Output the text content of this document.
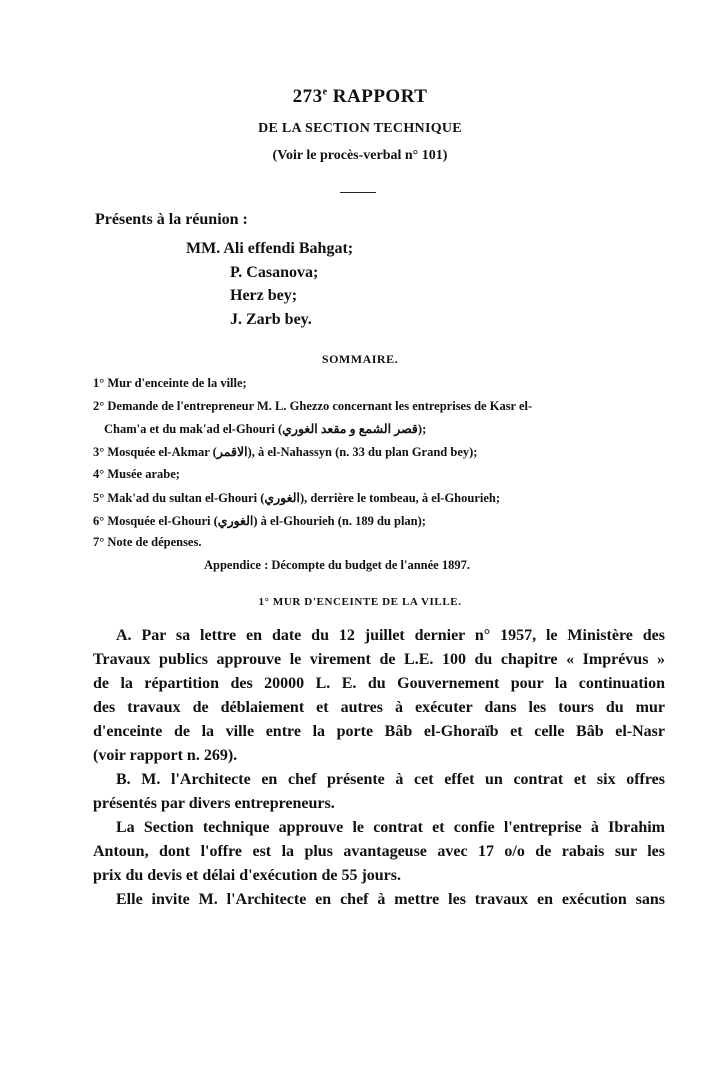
273e RAPPORT
DE LA SECTION TECHNIQUE
(Voir le procès-verbal n° 101)
Présents à la réunion :
MM. Ali effendi Bahgat;
P. Casanova;
Herz bey;
J. Zarb bey.
SOMMAIRE.
1° Mur d'enceinte de la ville;
2° Demande de l'entrepreneur M. L. Ghezzo concernant les entreprises de Kasr el-
Cham'a et du mak'ad el-Ghouri (قصر الشمع و مقعد الغوري);
3° Mosquée el-Akmar (الاقمر), à el-Nahassyn (n. 33 du plan Grand bey);
4° Musée arabe;
5° Mak'ad du sultan el-Ghouri (الغوري), derrière le tombeau, à el-Ghourieh;
6° Mosquée el-Ghouri (الغوري) à el-Ghourieh (n. 189 du plan);
7° Note de dépenses.
Appendice : Décompte du budget de l'année 1897.
1° MUR D'ENCEINTE DE LA VILLE.
A. Par sa lettre en date du 12 juillet dernier n° 1957, le Ministère des
Travaux publics approuve le virement de L.E. 100 du chapitre « Imprévus »
de la répartition des 20000 L. E. du Gouvernement pour la continuation
des travaux de déblaiement et autres à exécuter dans les tours du mur
d'enceinte de la ville entre la porte Bâb el-Ghoraïb et celle Bâb el-Nasr
(voir rapport n. 269).
B. M. l'Architecte en chef présente à cet effet un contrat et six offres
présentés par divers entrepreneurs.
La Section technique approuve le contrat et confie l'entreprise à Ibrahim
Antoun, dont l'offre est la plus avantageuse avec 17 o/o de rabais sur les
prix du devis et délai d'exécution de 55 jours.
Elle invite M. l'Architecte en chef à mettre les travaux en exécution sans
